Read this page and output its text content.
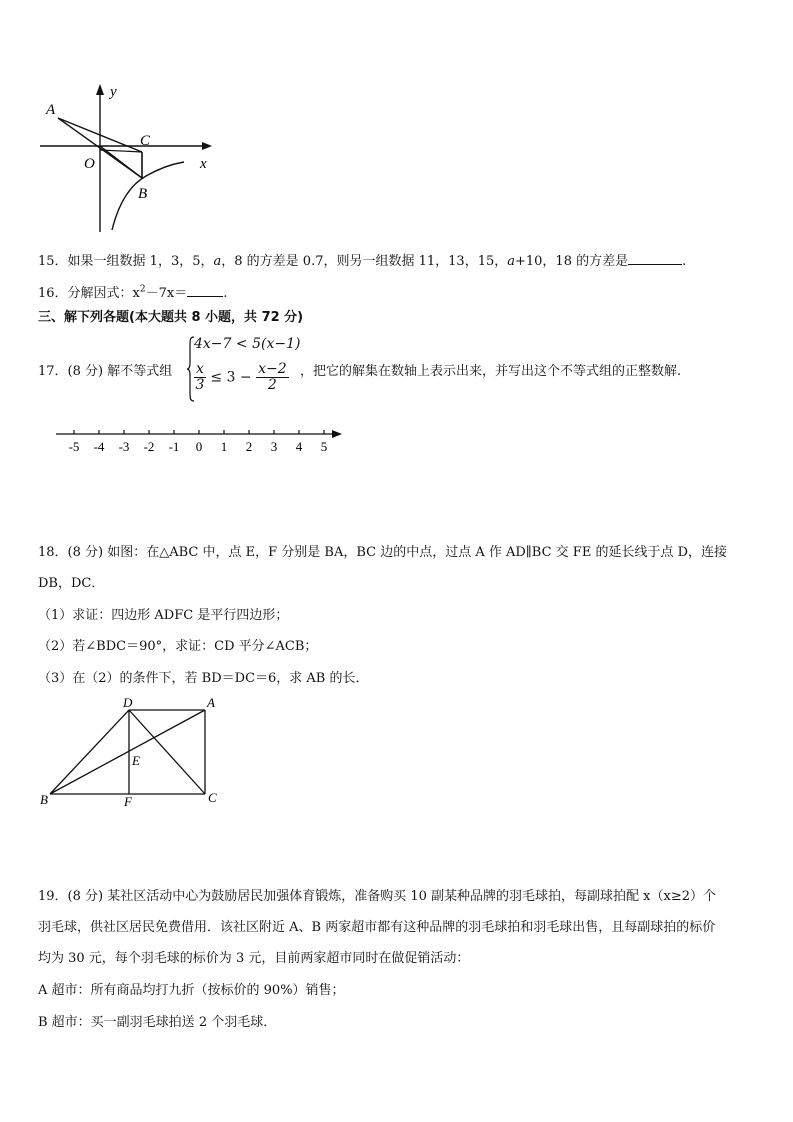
y
x
A
C
O
B
15．如果一组数据 1，3，5，a，8 的方差是 0.7，则另一组数据 11，13，15，a+10，18 的方差是	.
16．分解因式：$x^2-7x=$	.
三、解下列各题(本大题共 8 小题，共 72 分)
17．(8 分) 解不等式组
4x−7 < 5(x−1)
$\frac{x}{3} \le 3 - \frac{x-2}{2}$ ，把它的解集在数轴上表示出来，并写出这个不等式组的正整数解.
-5 -4 -3 -2 -1 0 1 2 3 4 5
18．(8 分) 如图：在△ABC 中，点 E，F 分别是 BA，BC 边的中点，过点 A 作 AD∥BC 交 FE 的延长线于点 D，连接
DB，DC．
（1）求证：四边形 ADFC 是平行四边形；
（2）若∠BDC＝90°，求证：CD 平分∠ACB；
（3）在（2）的条件下，若 BD＝DC＝6，求 AB 的长．
D	A
E
B	F	C
19．(8 分) 某社区活动中心为鼓励居民加强体育锻炼，准备购买 10 副某种品牌的羽毛球拍，每副球拍配 x（x≥2）个
羽毛球，供社区居民免费借用．该社区附近 A、B 两家超市都有这种品牌的羽毛球拍和羽毛球出售，且每副球拍的标价
均为 30 元，每个羽毛球的标价为 3 元，目前两家超市同时在做促销活动：
A 超市：所有商品均打九折（按标价的 90%）销售；
B 超市：买一副羽毛球拍送 2 个羽毛球．
